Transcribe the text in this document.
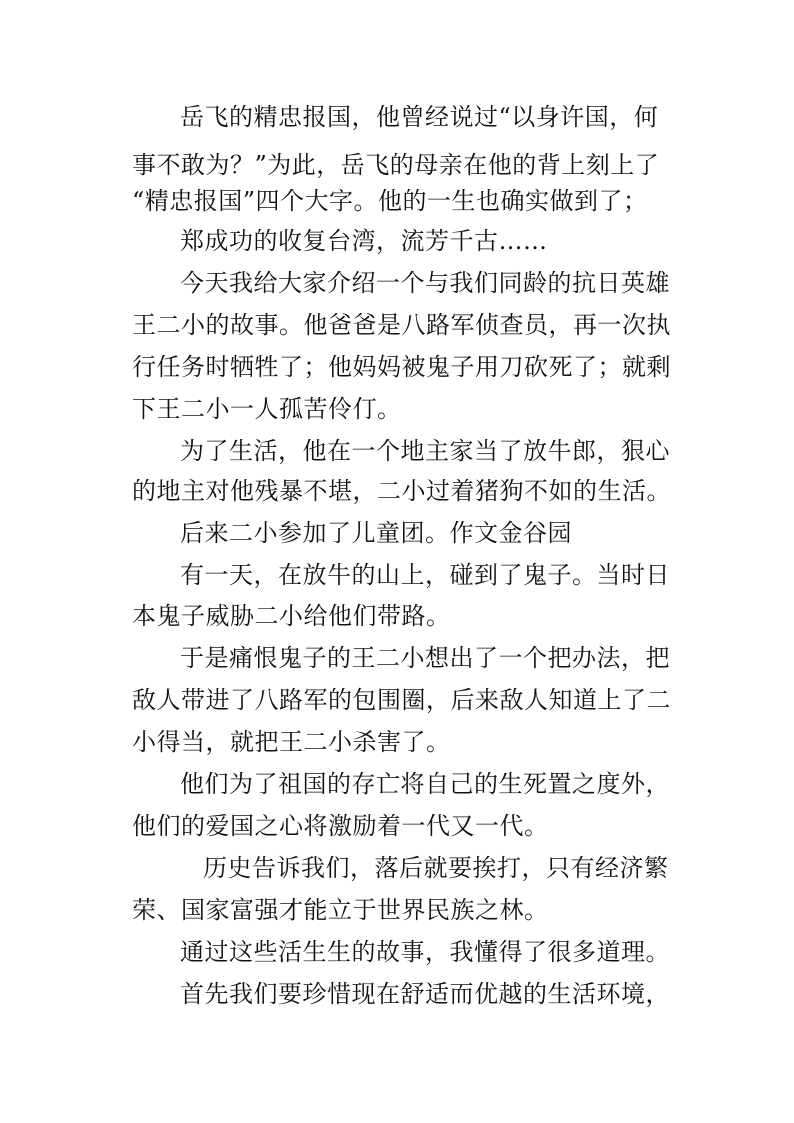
岳飞的精忠报国，他曾经说过“以身许国，何
事不敢为？”为此，岳飞的母亲在他的背上刻上了
“精忠报国”四个大字。他的一生也确实做到了；
郑成功的收复台湾，流芳千古……
今天我给大家介绍一个与我们同龄的抗日英雄
王二小的故事。他爸爸是八路军侦查员，再一次执
行任务时牺牲了；他妈妈被鬼子用刀砍死了；就剩
下王二小一人孤苦伶仃。
为了生活，他在一个地主家当了放牛郎，狠心
的地主对他残暴不堪，二小过着猪狗不如的生活。
后来二小参加了儿童团。作文金谷园
有一天，在放牛的山上，碰到了鬼子。当时日
本鬼子威胁二小给他们带路。
于是痛恨鬼子的王二小想出了一个把办法，把
敌人带进了八路军的包围圈，后来敌人知道上了二
小得当，就把王二小杀害了。
他们为了祖国的存亡将自己的生死置之度外，
他们的爱国之心将激励着一代又一代。
历史告诉我们，落后就要挨打，只有经济繁
荣、国家富强才能立于世界民族之林。
通过这些活生生的故事，我懂得了很多道理。
首先我们要珍惜现在舒适而优越的生活环境，
